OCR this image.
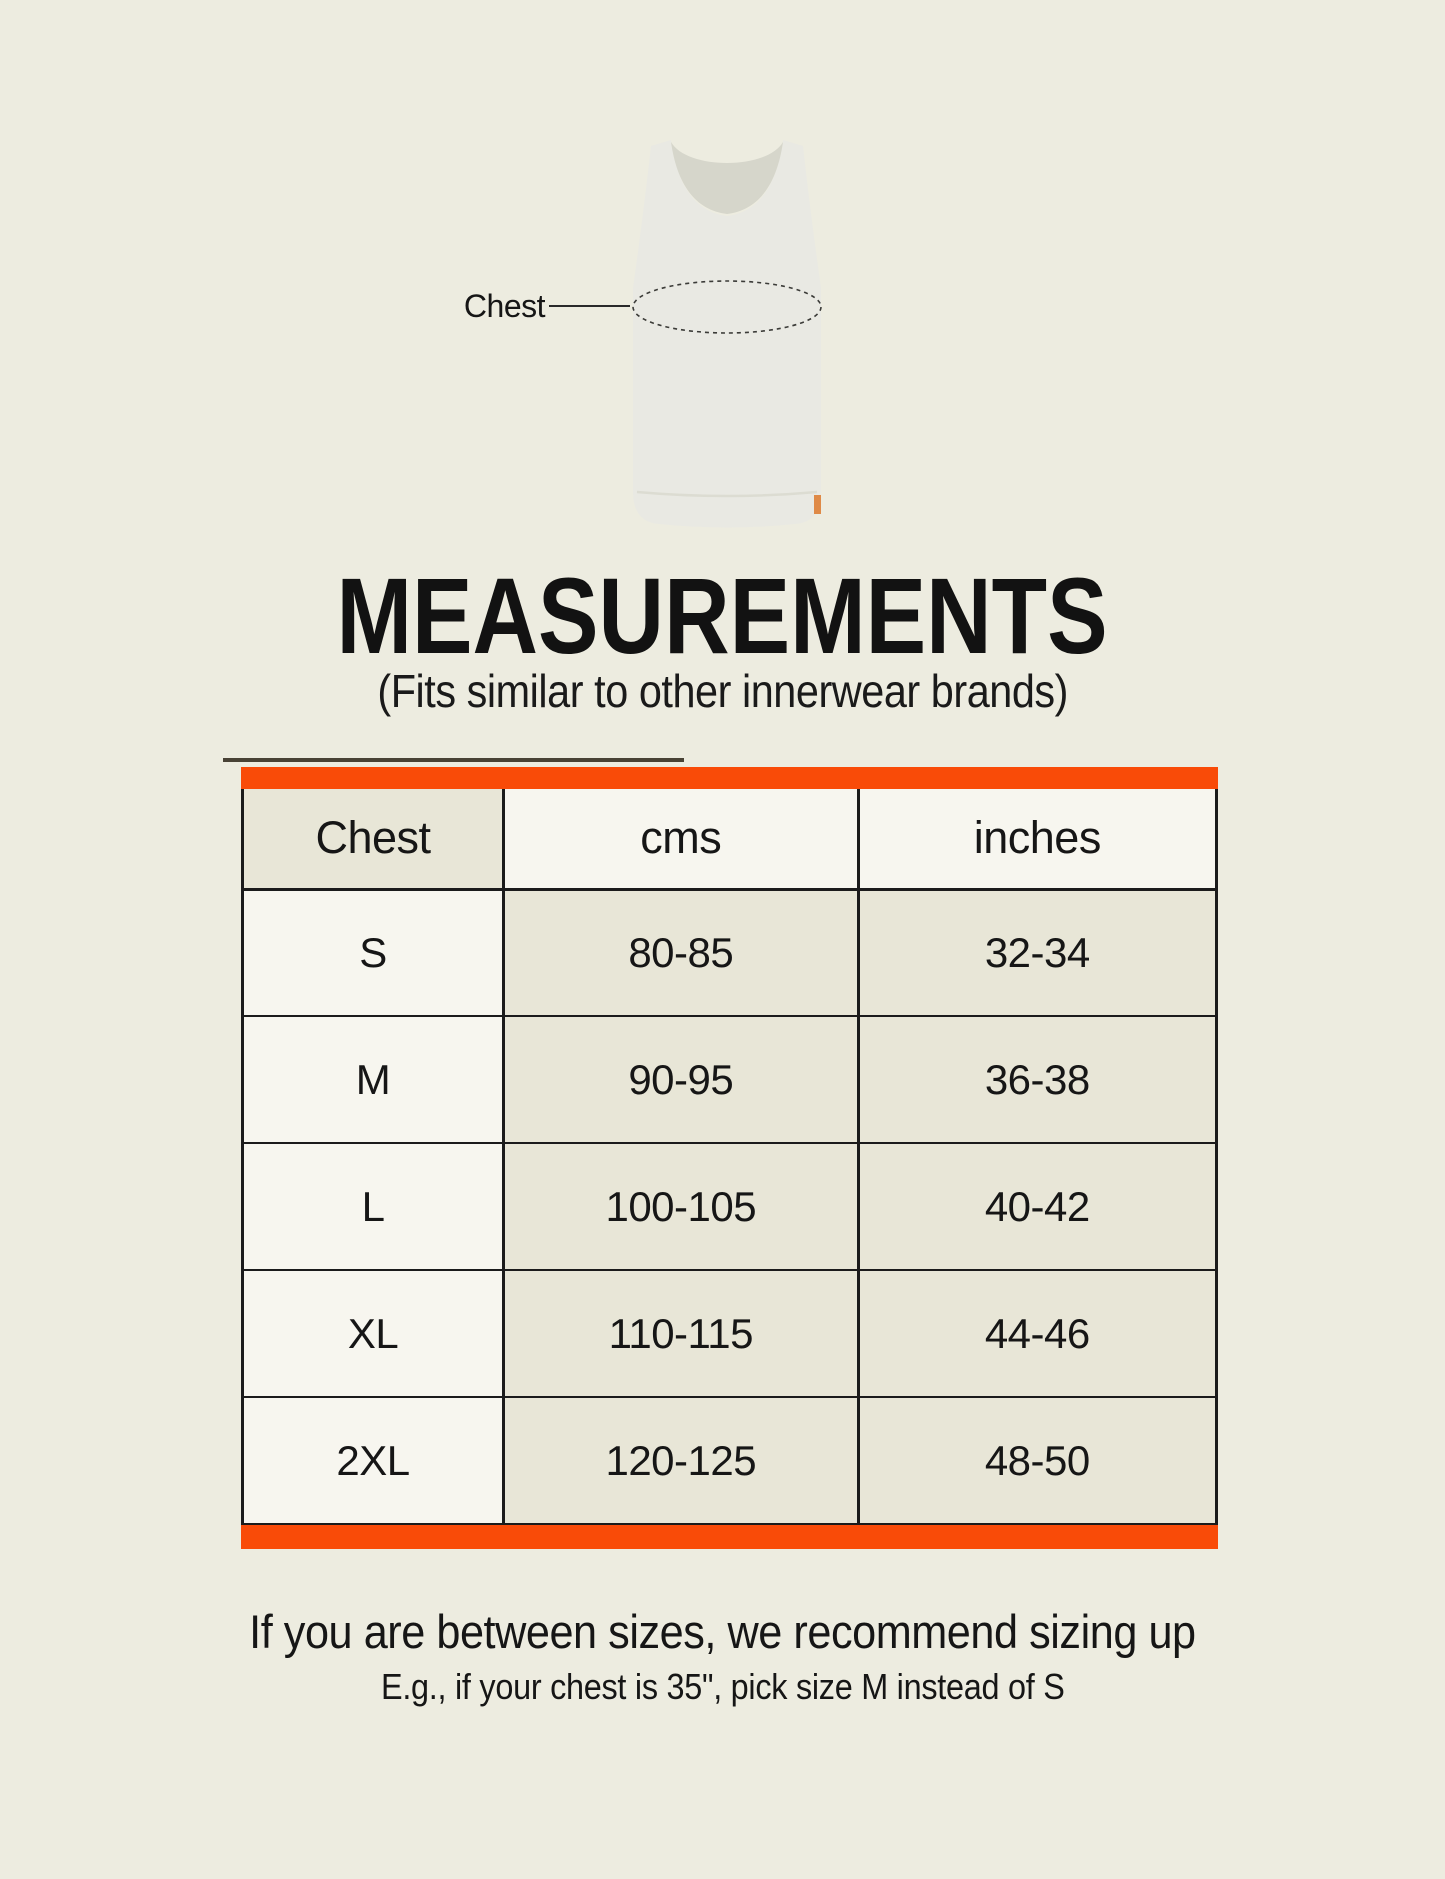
Chest
MEASUREMENTS
(Fits similar to other innerwear brands)
Chest	cms	inches
S	80-85	32-34
M	90-95	36-38
L	100-105	40-42
XL	110-115	44-46
2XL	120-125	48-50
If you are between sizes, we recommend sizing up
E.g., if your chest is 35", pick size M instead of S
